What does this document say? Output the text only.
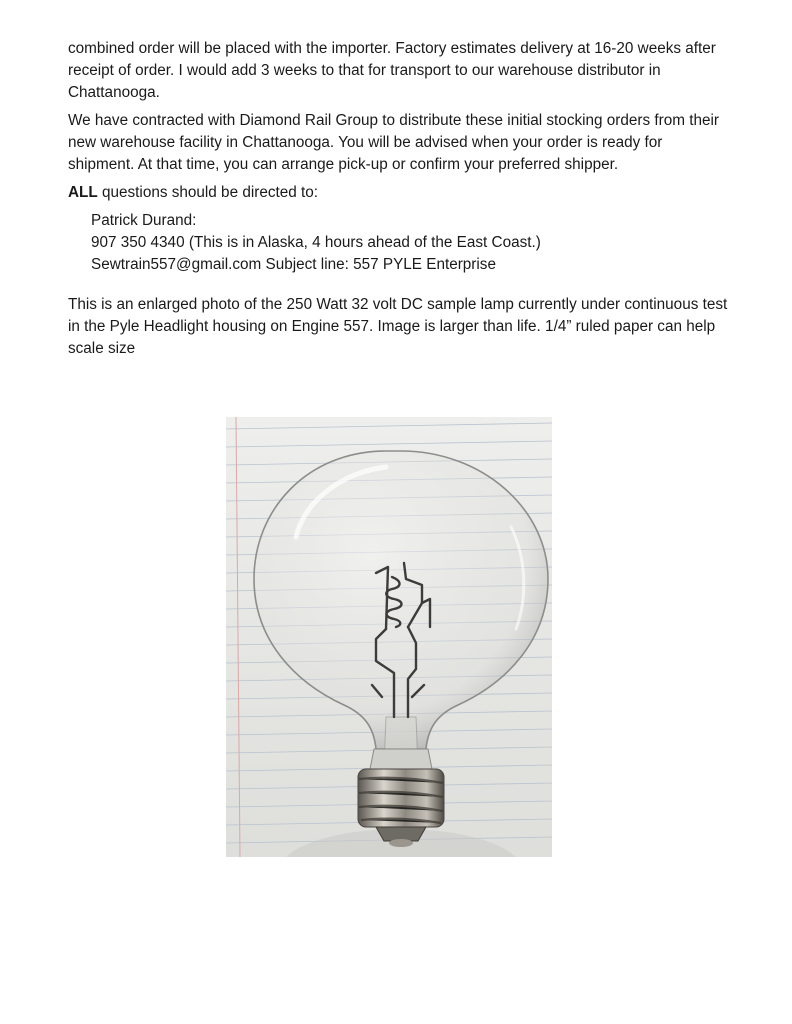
combined order will be placed with the importer. Factory estimates delivery at 16-20 weeks after receipt of order. I would add 3 weeks to that for transport to our warehouse distributor in Chattanooga.

We have contracted with Diamond Rail Group to distribute these initial stocking orders from their new warehouse facility in Chattanooga. You will be advised when your order is ready for shipment. At that time, you can arrange pick-up or confirm your preferred shipper.

ALL questions should be directed to:

Patrick Durand:

907 350 4340 (This is in Alaska, 4 hours ahead of the East Coast.)

Sewtrain557@gmail.com Subject line: 557 PYLE Enterprise

This is an enlarged photo of the 250 Watt 32 volt DC sample lamp currently under continuous test in the Pyle Headlight housing on Engine 557. Image is larger than life. 1/4” ruled paper can help scale size
